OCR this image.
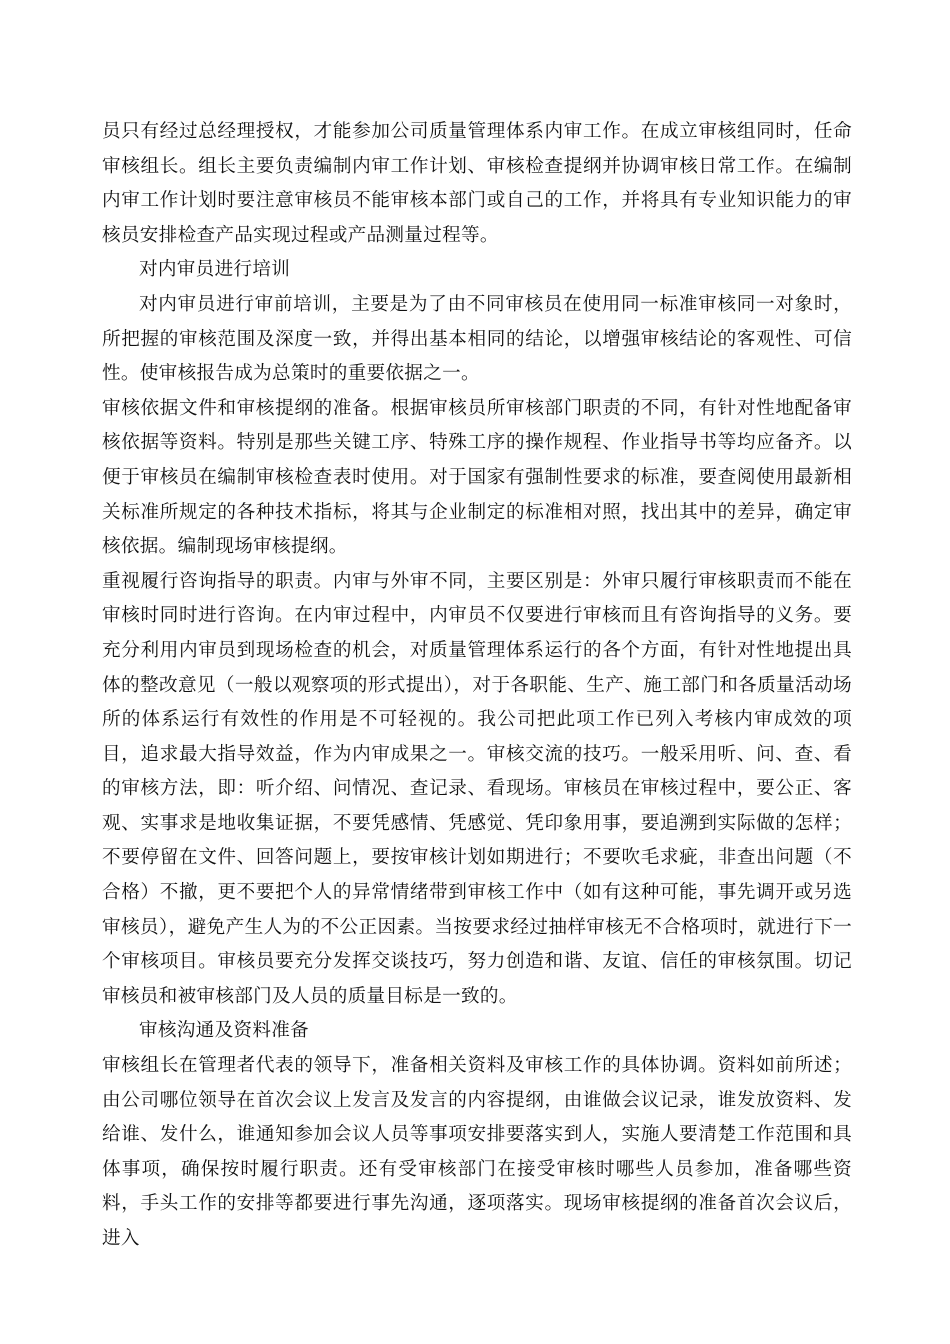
员只有经过总经理授权，才能参加公司质量管理体系内审工作。在成立审核组同时，任命审核组长。组长主要负责编制内审工作计划、审核检查提纲并协调审核日常工作。在编制内审工作计划时要注意审核员不能审核本部门或自己的工作，并将具有专业知识能力的审核员安排检查产品实现过程或产品测量过程等。

对内审员进行培训

对内审员进行审前培训，主要是为了由不同审核员在使用同一标准审核同一对象时，所把握的审核范围及深度一致，并得出基本相同的结论，以增强审核结论的客观性、可信性。使审核报告成为总策时的重要依据之一。

审核依据文件和审核提纲的准备。根据审核员所审核部门职责的不同，有针对性地配备审核依据等资料。特别是那些关键工序、特殊工序的操作规程、作业指导书等均应备齐。以便于审核员在编制审核检查表时使用。对于国家有强制性要求的标准，要查阅使用最新相关标准所规定的各种技术指标，将其与企业制定的标准相对照，找出其中的差异，确定审核依据。编制现场审核提纲。

重视履行咨询指导的职责。内审与外审不同，主要区别是：外审只履行审核职责而不能在审核时同时进行咨询。在内审过程中，内审员不仅要进行审核而且有咨询指导的义务。要充分利用内审员到现场检查的机会，对质量管理体系运行的各个方面，有针对性地提出具体的整改意见（一般以观察项的形式提出），对于各职能、生产、施工部门和各质量活动场所的体系运行有效性的作用是不可轻视的。我公司把此项工作已列入考核内审成效的项目，追求最大指导效益，作为内审成果之一。审核交流的技巧。一般采用听、问、查、看的审核方法，即：听介绍、问情况、查记录、看现场。审核员在审核过程中，要公正、客观、实事求是地收集证据，不要凭感情、凭感觉、凭印象用事，要追溯到实际做的怎样；不要停留在文件、回答问题上，要按审核计划如期进行；不要吹毛求疵，非查出问题（不合格）不撤，更不要把个人的异常情绪带到审核工作中（如有这种可能，事先调开或另选审核员），避免产生人为的不公正因素。当按要求经过抽样审核无不合格项时，就进行下一个审核项目。审核员要充分发挥交谈技巧，努力创造和谐、友谊、信任的审核氛围。切记审核员和被审核部门及人员的质量目标是一致的。

审核沟通及资料准备

审核组长在管理者代表的领导下，准备相关资料及审核工作的具体协调。资料如前所述；由公司哪位领导在首次会议上发言及发言的内容提纲，由谁做会议记录，谁发放资料、发给谁、发什么，谁通知参加会议人员等事项安排要落实到人，实施人要清楚工作范围和具体事项，确保按时履行职责。还有受审核部门在接受审核时哪些人员参加，准备哪些资料，手头工作的安排等都要进行事先沟通，逐项落实。现场审核提纲的准备首次会议后，进入
